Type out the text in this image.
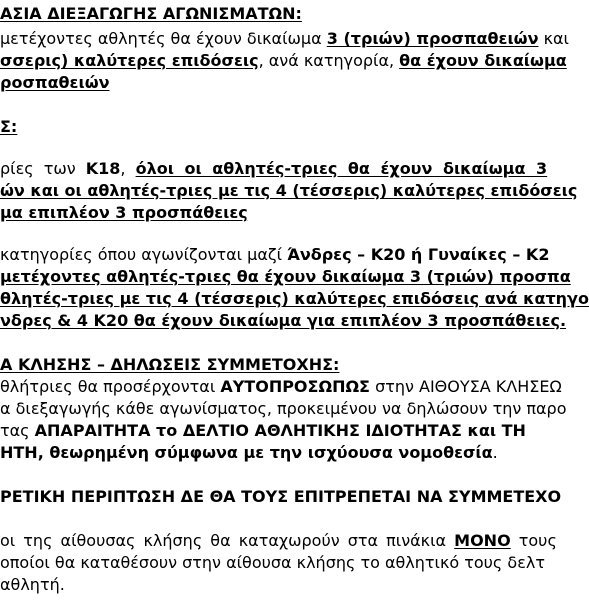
ΑΣΙΑ ΔΙΕΞΑΓΩΓΗΣ ΑΓΩΝΙΣΜΑΤΩΝ:
μετέχοντες αθλητές θα έχουν δικαίωμα 3 (τριών) προσπαθειών και
σσερις) καλύτερες επιδόσεις, ανά κατηγορία, θα έχουν δικαίωμα
ροσπαθειών
Σ:
ρίες των Κ18, όλοι οι αθλητές-τριες θα έχουν δικαίωμα 3
ών και οι αθλητές-τριες με τις 4 (τέσσερις) καλύτερες επιδόσεις
μα επιπλέον 3 προσπάθειες
κατηγορίες όπου αγωνίζονται μαζί Άνδρες – Κ20 ή Γυναίκες – Κ2
μετέχοντες αθλητές-τριες θα έχουν δικαίωμα 3 (τριών) προσπα
θλητές-τριες με τις 4 (τέσσερις) καλύτερες επιδόσεις ανά κατηγο
νδρες & 4 Κ20 θα έχουν δικαίωμα για επιπλέον 3 προσπάθειες.
Α ΚΛΗΣΗΣ – ΔΗΛΩΣΕΙΣ ΣΥΜΜΕΤΟΧΗΣ:
θλήτριες θα προσέρχονται ΑΥΤΟΠΡΟΣΩΠΩΣ στην ΑΙΘΟΥΣΑ ΚΛΗΣΕΩ
α διεξαγωγής κάθε αγωνίσματος, προκειμένου να δηλώσουν την παρο
τας ΑΠΑΡΑΙΤΗΤΑ το ΔΕΛΤΙΟ ΑΘΛΗΤΙΚΗΣ ΙΔΙΟΤΗΤΑΣ και ΤΗ
ΗΤΗ, θεωρημένη σύμφωνα με την ισχύουσα νομοθεσία.
ΡΕΤΙΚΗ ΠΕΡΙΠΤΩΣΗ ΔΕ ΘΑ ΤΟΥΣ ΕΠΙΤΡΕΠΕΤΑΙ ΝΑ ΣΥΜΜΕΤΕΧΟ
οι της αίθουσας κλήσης θα καταχωρούν στα πινάκια ΜΟΝΟ τους
οποίοι θα καταθέσουν στην αίθουσα κλήσης το αθλητικό τους δελτ
αθλητή.
